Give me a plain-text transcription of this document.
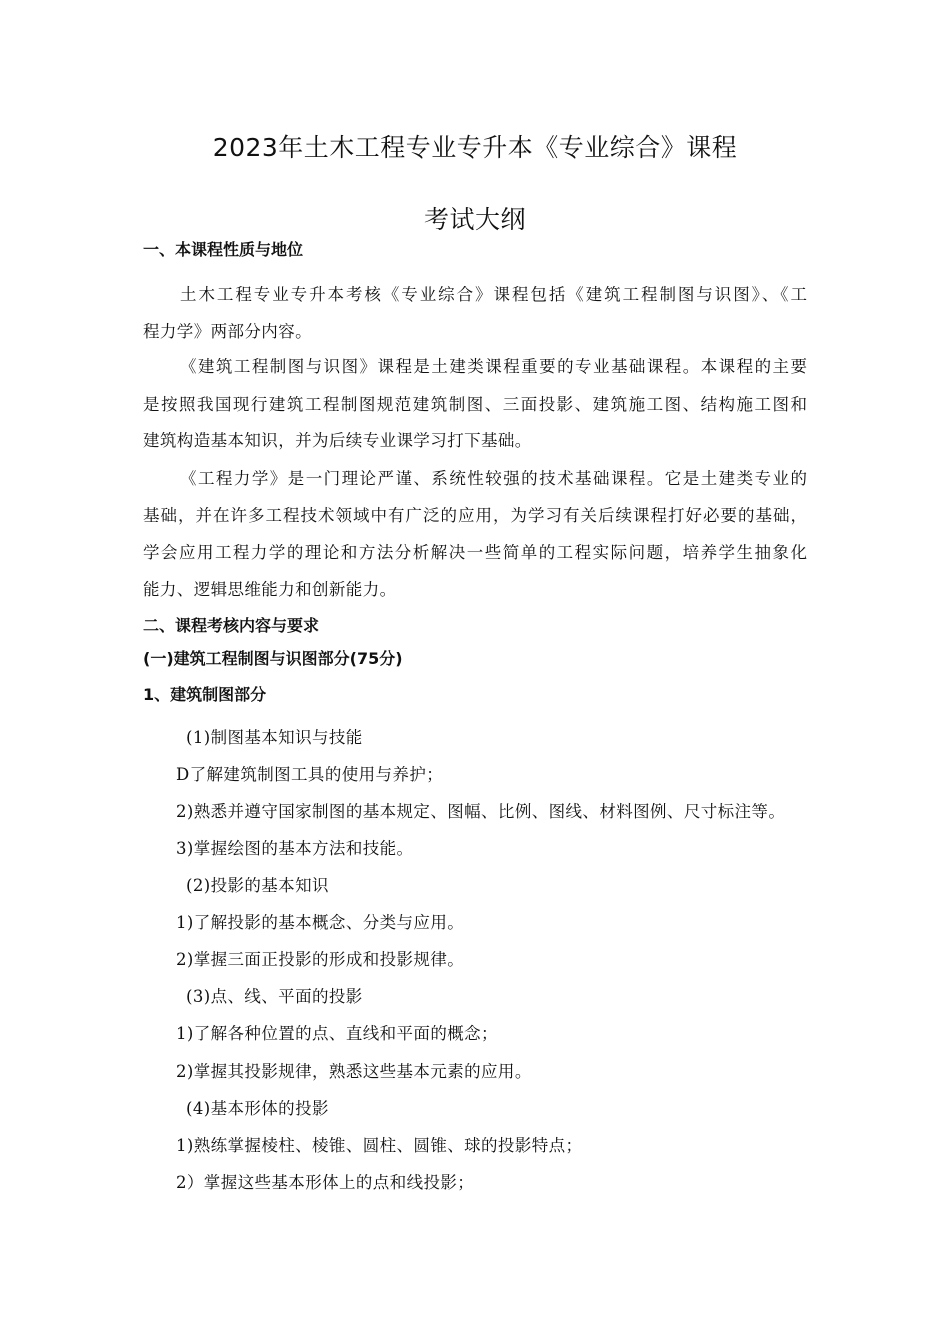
2023年土木工程专业专升本《专业综合》课程
考试大纲
一、本课程性质与地位
土木工程专业专升本考核《专业综合》课程包括《建筑工程制图与识图》、《工
程力学》两部分内容。
《建筑工程制图与识图》课程是土建类课程重要的专业基础课程。本课程的主要
是按照我国现行建筑工程制图规范建筑制图、三面投影、建筑施工图、结构施工图和
建筑构造基本知识，并为后续专业课学习打下基础。
《工程力学》是一门理论严谨、系统性较强的技术基础课程。它是土建类专业的
基础，并在许多工程技术领域中有广泛的应用，为学习有关后续课程打好必要的基础，
学会应用工程力学的理论和方法分析解决一些简单的工程实际问题，培养学生抽象化
能力、逻辑思维能力和创新能力。
二、课程考核内容与要求
(一)建筑工程制图与识图部分(75分)
1、建筑制图部分
(1)制图基本知识与技能
D了解建筑制图工具的使用与养护；
2)熟悉并遵守国家制图的基本规定、图幅、比例、图线、材料图例、尺寸标注等。
3)掌握绘图的基本方法和技能。
(2)投影的基本知识
1)了解投影的基本概念、分类与应用。
2)掌握三面正投影的形成和投影规律。
(3)点、线、平面的投影
1)了解各种位置的点、直线和平面的概念；
2)掌握其投影规律，熟悉这些基本元素的应用。
(4)基本形体的投影
1)熟练掌握棱柱、棱锥、圆柱、圆锥、球的投影特点；
2）掌握这些基本形体上的点和线投影；
